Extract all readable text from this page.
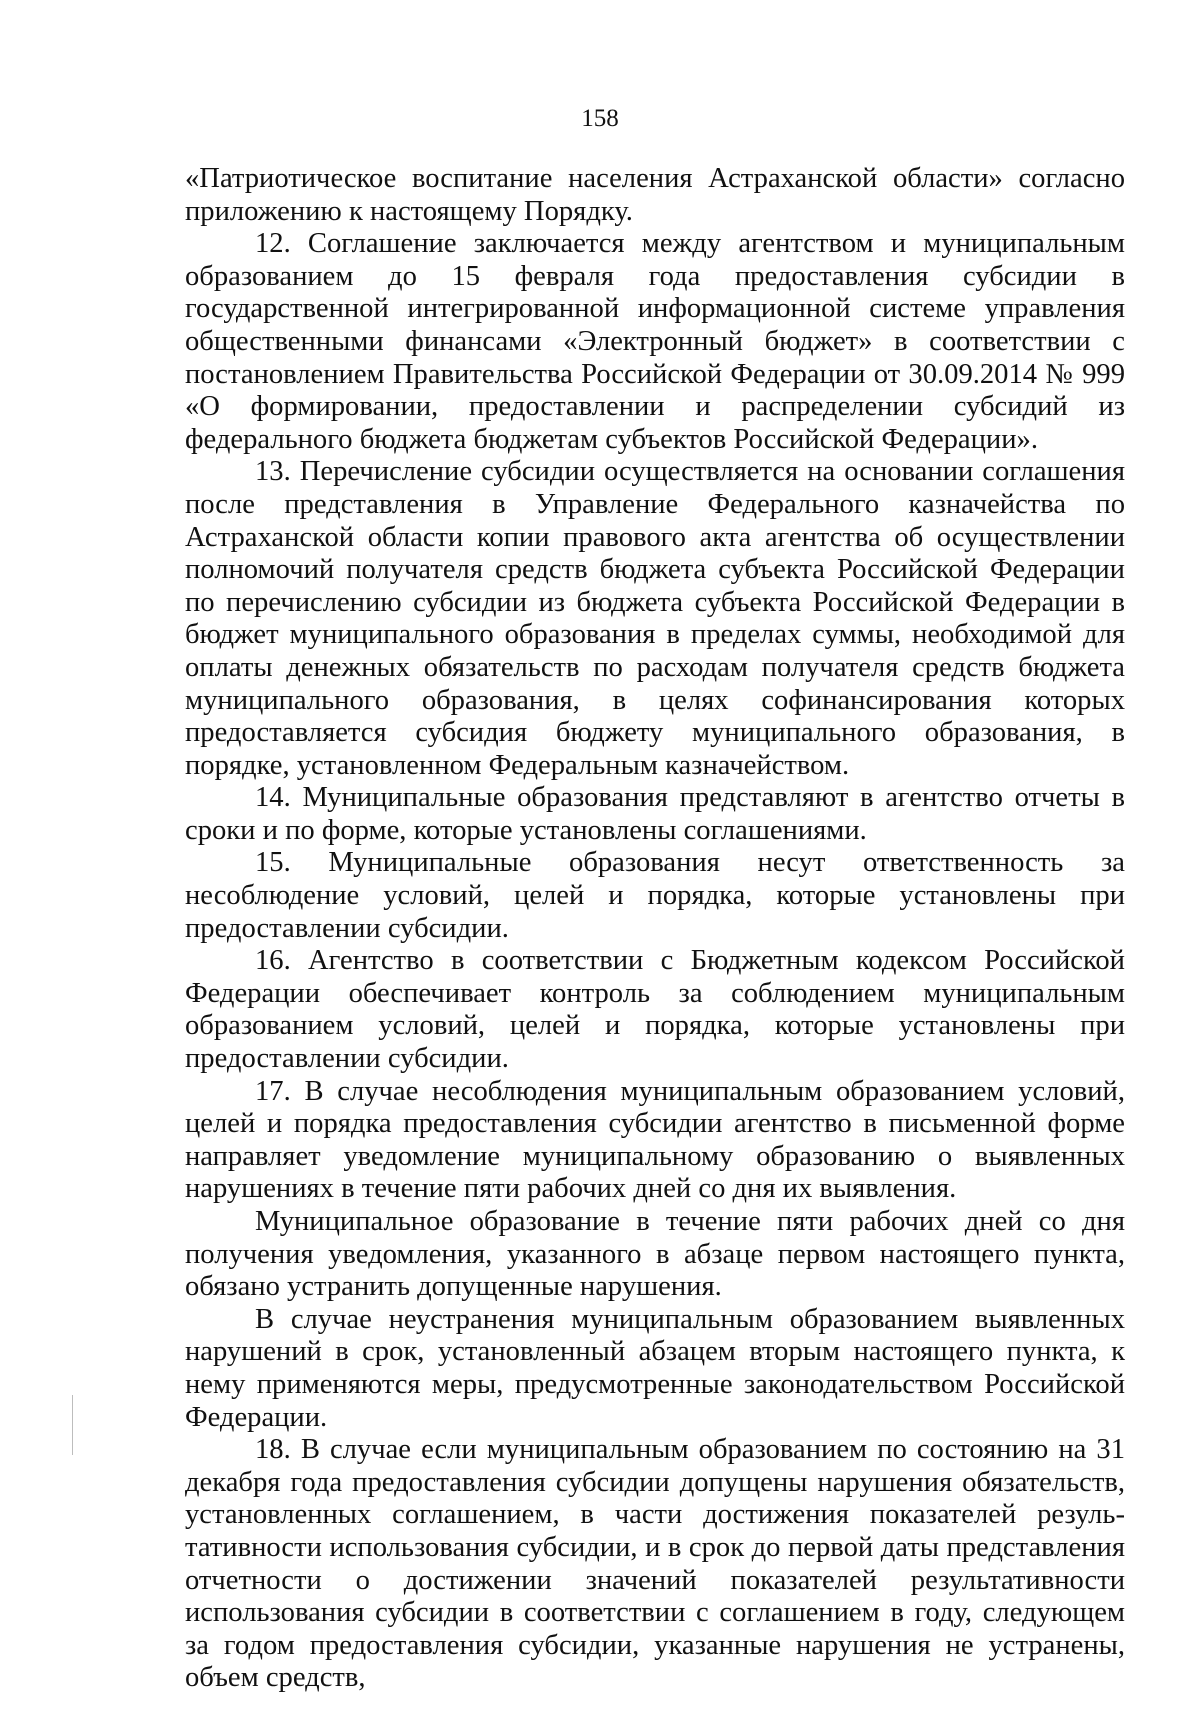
158

«Патриотическое воспитание населения Астраханской области» согласно приложению к настоящему Порядку.

12. Соглашение заключается между агентством и муниципальным образованием до 15 февраля года предоставления субсидии в государственной интегрированной информационной системе управления общественными финансами «Электронный бюджет» в соответствии с постановлением Правительства Российской Федерации от 30.09.2014 № 999 «О формировании, предоставлении и распределении субсидий из федерального бюджета бюджетам субъектов Российской Федерации».

13. Перечисление субсидии осуществляется на основании соглашения после представления в Управление Федерального казначейства по Астраханской области копии правового акта агентства об осуществлении полномочий получателя средств бюджета субъекта Российской Федерации по перечислению субсидии из бюджета субъекта Российской Федерации в бюджет муниципального образования в пределах суммы, необходимой для оплаты денежных обязательств по расходам получателя средств бюджета муниципального образования, в целях софинансирования которых предоставляется субсидия бюджету муниципального образования, в порядке, установленном Федеральным казначейством.

14. Муниципальные образования представляют в агентство отчеты в сроки и по форме, которые установлены соглашениями.

15. Муниципальные образования несут ответственность за несоблюдение условий, целей и порядка, которые установлены при предоставлении субсидии.

16. Агентство в соответствии с Бюджетным кодексом Российской Федерации обеспечивает контроль за соблюдением муниципальным образованием условий, целей и порядка, которые установлены при предоставлении субсидии.

17. В случае несоблюдения муниципальным образованием условий, целей и порядка предоставления субсидии агентство в письменной форме направляет уведомление муниципальному образованию о выявленных нарушениях в течение пяти рабочих дней со дня их выявления.

Муниципальное образование в течение пяти рабочих дней со дня получения уведомления, указанного в абзаце первом настоящего пункта, обязано устранить допущенные нарушения.

В случае неустранения муниципальным образованием выявленных нарушений в срок, установленный абзацем вторым настоящего пункта, к нему применяются меры, предусмотренные законодательством Российской Федерации.

18. В случае если муниципальным образованием по состоянию на 31 декабря года предоставления субсидии допущены нарушения обязательств, установленных соглашением, в части достижения показателей результативности использования субсидии, и в срок до первой даты представления отчетности о достижении значений показателей результативности использования субсидии в соответствии с соглашением в году, следующем за годом предоставления субсидии, указанные нарушения не устранены, объем средств,
